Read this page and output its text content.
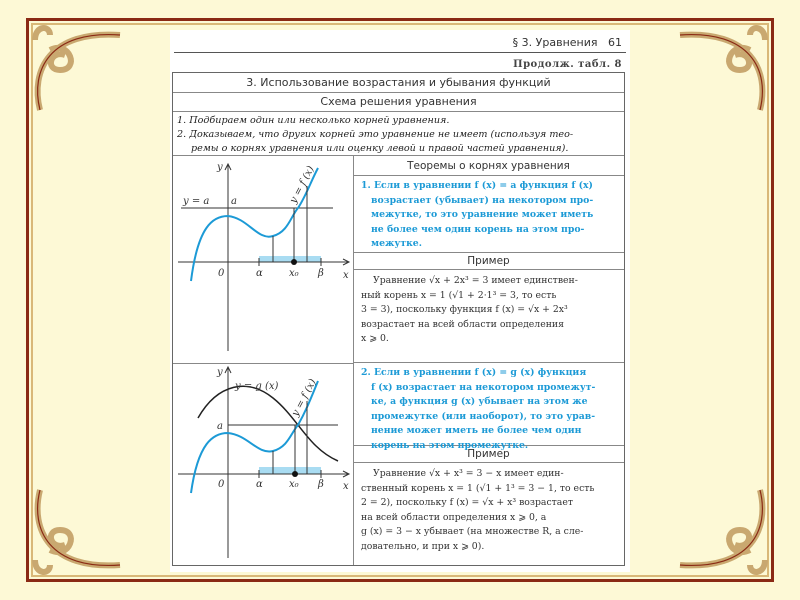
§ 3. Уравнения 61
Продолж. табл. 8
3. Использование возрастания и убывания функций
Схема решения уравнения
1. Подбираем один или несколько корней уравнения.
2. Доказываем, что других корней это уравнение не имеет (используя тео-
ремы о корнях уравнения или оценку левой и правой частей уравнения).
y
x
y = a a
0	α	x₀ β
y = f (x)	Теоремы о корнях уравнения
1. Если в уравнении f (x) = a функция f (x)
возрастает (убывает) на некотором про-
межутке, то это уравнение может иметь
не более чем один корень на этом про-
межутке.
Пример
Уравнение √x + 2x³ = 3 имеет единствен-
ный корень x = 1 (√1 + 2·1³ = 3, то есть
3 = 3), поскольку функция f (x) = √x + 2x³
возрастает на всей области определения
x ⩾ 0.
y
x
y = g (x)
a
0	α	x₀ β
y = f (x)
2. Если в уравнении f (x) = g (x) функция
f (x) возрастает на некотором промежут-
ке, а функция g (x) убывает на этом же
промежутке (или наоборот), то это урав-
нение может иметь не более чем один
корень на этом промежутке.
Пример
Уравнение √x + x³ = 3 − x имеет един-
ственный корень x = 1 (√1 + 1³ = 3 − 1, то есть
2 = 2), поскольку f (x) = √x + x³ возрастает
на всей области определения x ⩾ 0, а
g (x) = 3 − x убывает (на множестве R, а сле-
довательно, и при x ⩾ 0).
